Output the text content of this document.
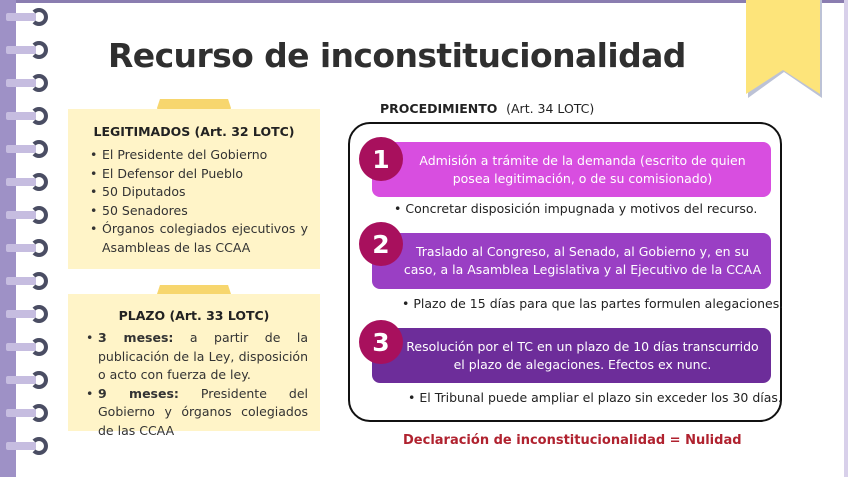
Recurso de inconstitucionalidad
LEGITIMADOS (Art. 32 LOTC)
• El Presidente del Gobierno
• El Defensor del Pueblo
• 50 Diputados
• 50 Senadores
• Órganos colegiados ejecutivos y Asambleas de las CCAA
PLAZO (Art. 33 LOTC)
• 3 meses: a partir de la publicación de la Ley, disposición o acto con fuerza de ley.
• 9 meses: Presidente del Gobierno y órganos colegiados de las CCAA
PROCEDIMIENTO (Art. 34 LOTC)
Admisión a trámite de la demanda (escrito de quien posea legitimación, o de su comisionado)
1
• Concretar disposición impugnada y motivos del recurso.
Traslado al Congreso, al Senado, al Gobierno y, en su caso, a la Asamblea Legislativa y al Ejecutivo de la CCAA
2
• Plazo de 15 días para que las partes formulen alegaciones.
Resolución por el TC en un plazo de 10 días transcurrido el plazo de alegaciones. Efectos ex nunc.
3
• El Tribunal puede ampliar el plazo sin exceder los 30 días.
Declaración de inconstitucionalidad = Nulidad
